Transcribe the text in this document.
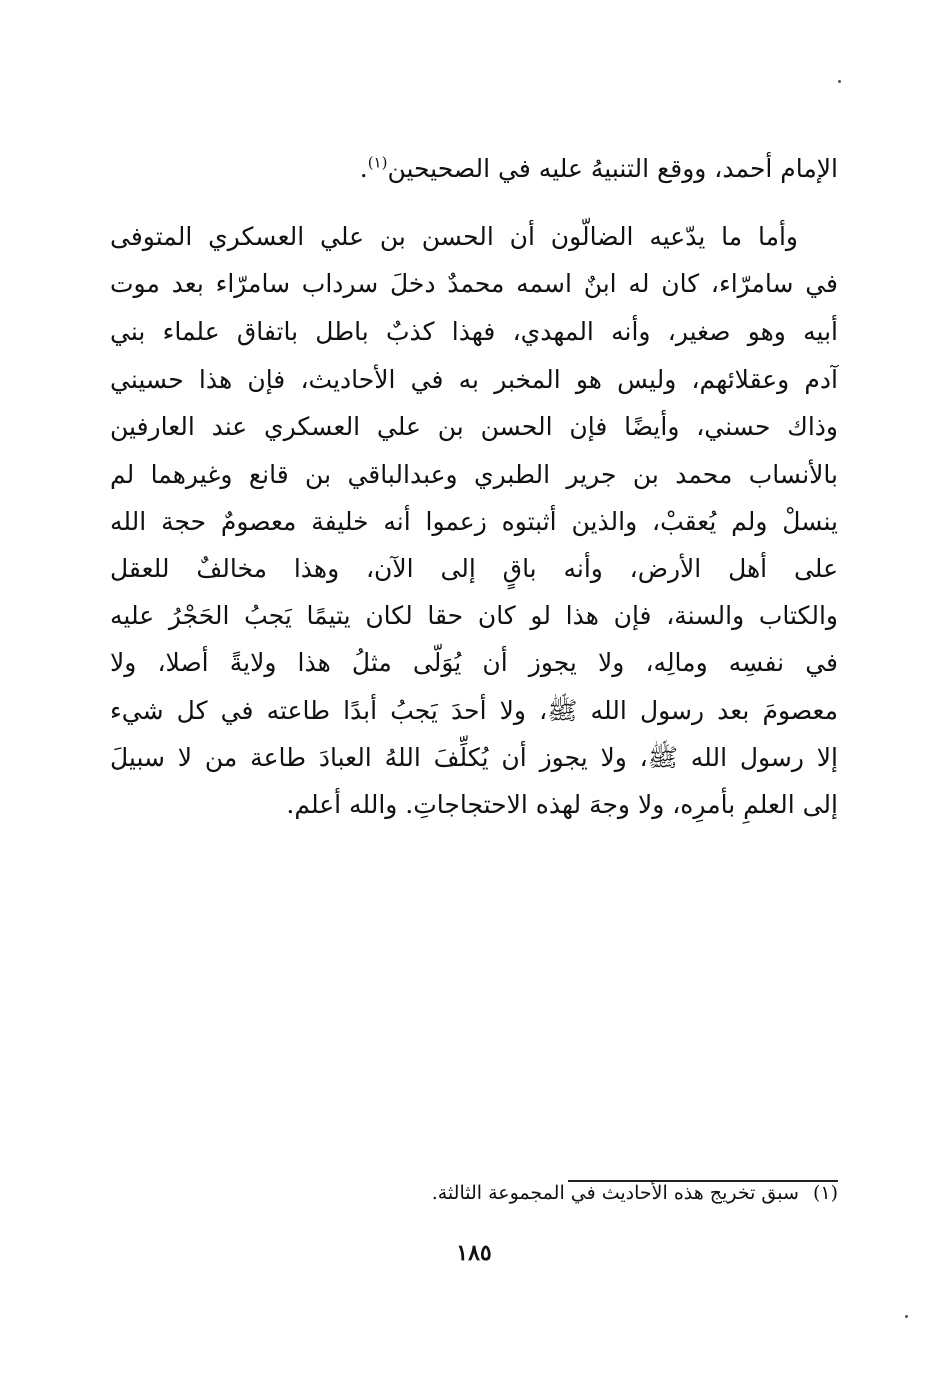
الإمام أحمد، ووقع التنبيهُ عليه في الصحيحين$^{(١)}$.
وأما ما يدّعيه الضالّون أن الحسن بن علي العسكري المتوفى
في سامرّاء، كان له ابنٌ اسمه محمدٌ دخلَ سرداب سامرّاء بعد موت
أبيه وهو صغير، وأنه المهدي، فهذا كذبٌ باطل باتفاق علماء بني
آدم وعقلائهم، وليس هو المخبر به في الأحاديث، فإن هذا حسيني
وذاك حسني، وأيضًا فإن الحسن بن علي العسكري عند العارفين
بالأنساب محمد بن جرير الطبري وعبدالباقي بن قانع وغيرهما لم
ينسلْ ولم يُعقبْ، والذين أثبتوه زعموا أنه خليفة معصومٌ حجة الله
على أهل الأرض، وأنه باقٍ إلى الآن، وهذا مخالفٌ للعقل
والكتاب والسنة، فإن هذا لو كان حقا لكان يتيمًا يَجبُ الحَجْرُ عليه
في نفسِه ومالِه، ولا يجوز أن يُوَلّى مثلُ هذا ولايةً أصلا، ولا
معصومَ بعد رسول الله ﷺ، ولا أحدَ يَجبُ أبدًا طاعته في كل شيء
إلا رسول الله ﷺ، ولا يجوز أن يُكلِّفَ اللهُ العبادَ طاعة من لا سبيلَ
إلى العلمِ بأمرِه، ولا وجهَ لهذه الاحتجاجاتِ. والله أعلم.
(١)سبق تخريج هذه الأحاديث في المجموعة الثالثة.
١٨٥
